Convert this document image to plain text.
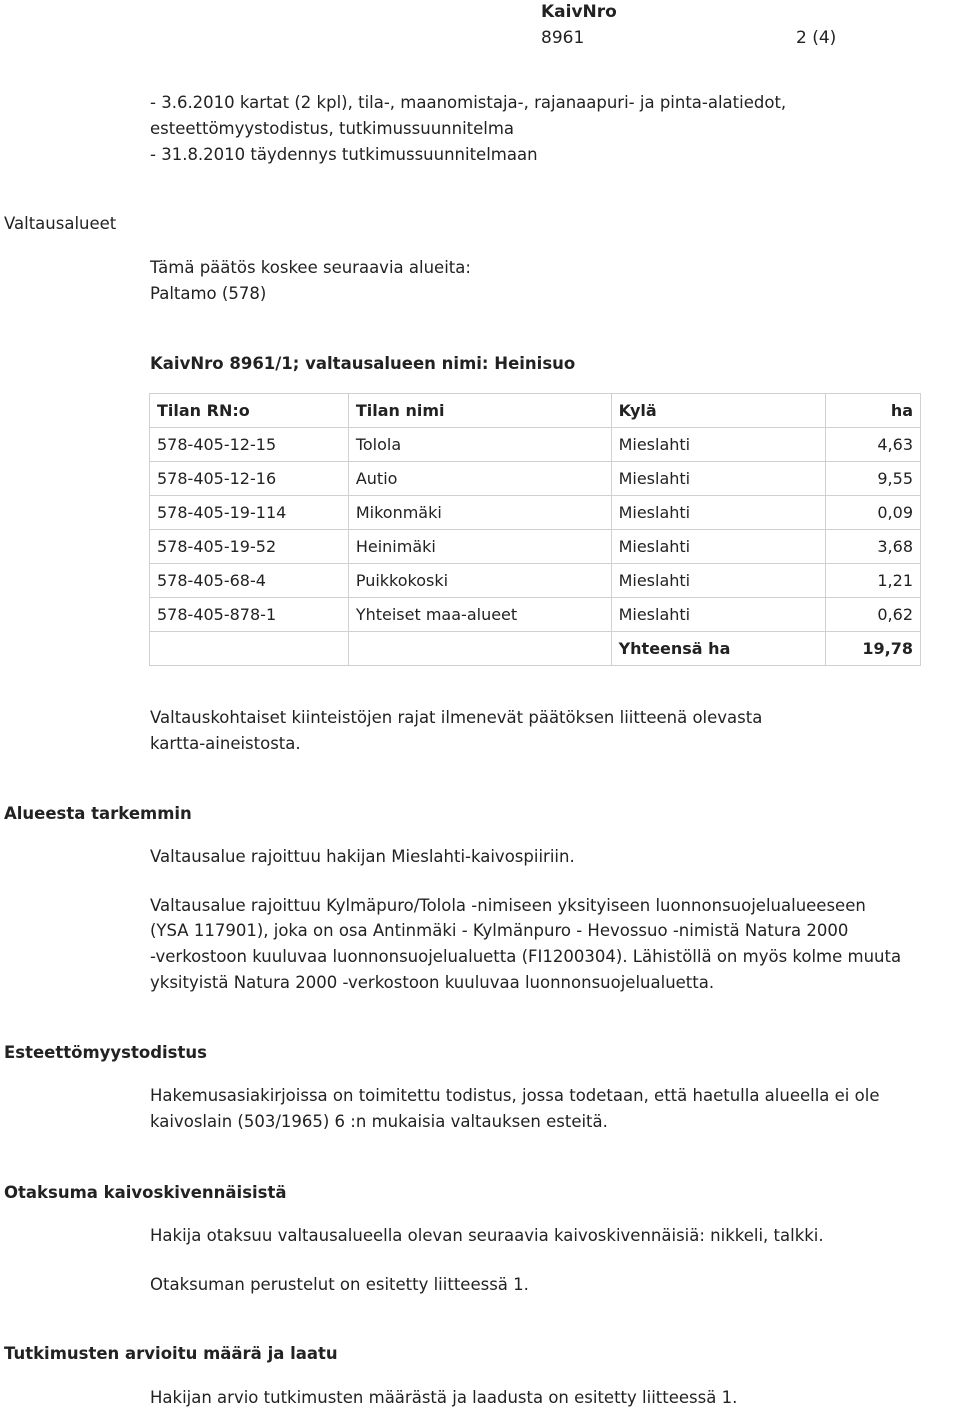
KaivNro
8961	2 (4)
- 3.6.2010 kartat (2 kpl), tila-, maanomistaja-, rajanaapuri- ja pinta-alatiedot,
esteettömyystodistus, tutkimussuunnitelma
- 31.8.2010 täydennys tutkimussuunnitelmaan
Valtausalueet
Tämä päätös koskee seuraavia alueita:
Paltamo (578)
KaivNro 8961/1; valtausalueen nimi: Heinisuo
Tilan RN:o	Tilan nimi	Kylä	ha
578-405-12-15	Tolola	Mieslahti	4,63
578-405-12-16	Autio	Mieslahti	9,55
578-405-19-114	Mikonmäki	Mieslahti	0,09
578-405-19-52	Heinimäki	Mieslahti	3,68
578-405-68-4	Puikkokoski	Mieslahti	1,21
578-405-878-1	Yhteiset maa-alueet	Mieslahti	0,62
		Yhteensä ha	19,78
Valtauskohtaiset kiinteistöjen rajat ilmenevät päätöksen liitteenä olevasta
kartta-aineistosta.
Alueesta tarkemmin
Valtausalue rajoittuu hakijan Mieslahti-kaivospiiriin.
Valtausalue rajoittuu Kylmäpuro/Tolola -nimiseen yksityiseen luonnonsuojelualueeseen
(YSA 117901), joka on osa Antinmäki - Kylmänpuro - Hevossuo -nimistä Natura 2000
-verkostoon kuuluvaa luonnonsuojelualuetta (FI1200304). Lähistöllä on myös kolme muuta
yksityistä Natura 2000 -verkostoon kuuluvaa luonnonsuojelualuetta.
Esteettömyystodistus
Hakemusasiakirjoissa on toimitettu todistus, jossa todetaan, että haetulla alueella ei ole
kaivoslain (503/1965) 6 :n mukaisia valtauksen esteitä.
Otaksuma kaivoskivennäisistä
Hakija otaksuu valtausalueella olevan seuraavia kaivoskivennäisiä: nikkeli, talkki.
Otaksuman perustelut on esitetty liitteessä 1.
Tutkimusten arvioitu määrä ja laatu
Hakijan arvio tutkimusten määrästä ja laadusta on esitetty liitteessä 1.
